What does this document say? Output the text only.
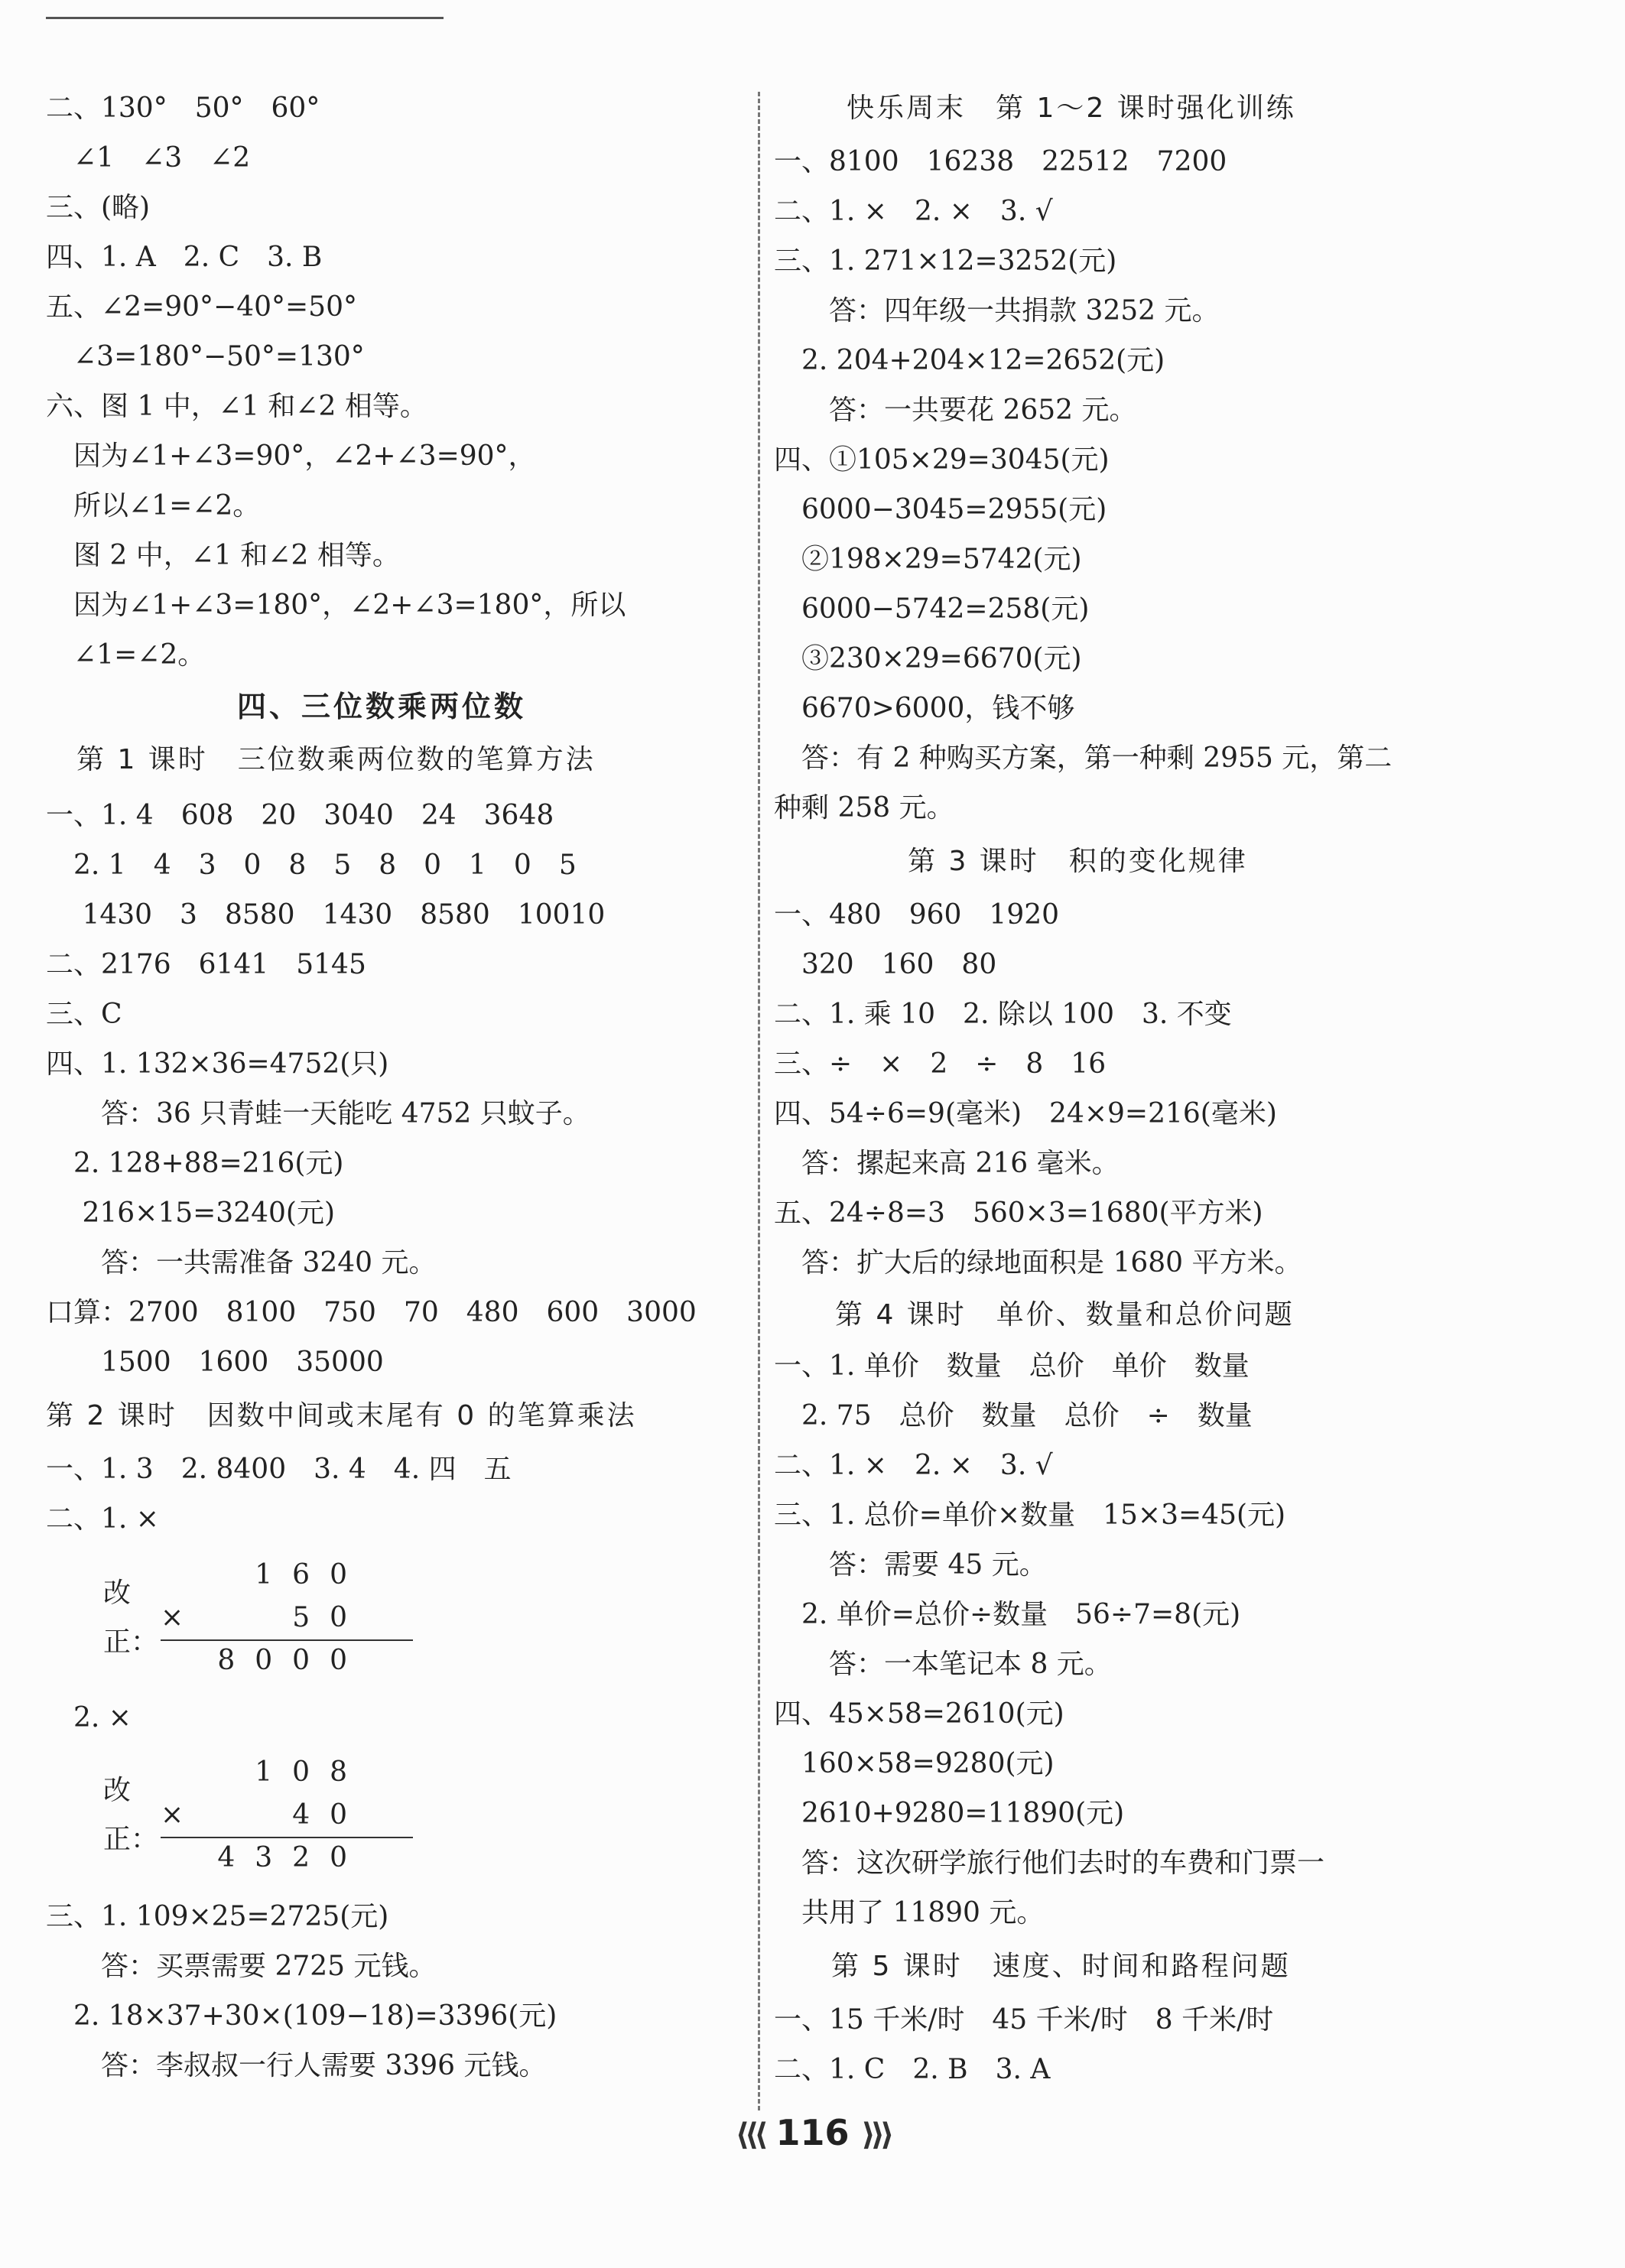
二、130°　50°　60°
　∠1　∠3　∠2
三、(略)
四、1. A　2. C　3. B
五、∠2=90°−40°=50°
　∠3=180°−50°=130°
六、图 1 中，∠1 和∠2 相等。
　因为∠1+∠3=90°，∠2+∠3=90°，
　所以∠1=∠2。
　图 2 中，∠1 和∠2 相等。
　因为∠1+∠3=180°，∠2+∠3=180°，所以
　∠1=∠2。
四、三位数乘两位数
第 1 课时　三位数乘两位数的笔算方法
一、1. 4　608　20　3040　24　3648
　2. 1　4　3　0　8　5　8　0　1　0　5
　 1430　3　8580　1430　8580　10010
二、2176　6141　5145
三、C
四、1. 132×36=4752(只)
　　答：36 只青蛙一天能吃 4752 只蚊子。
　2. 128+88=216(元)
　 216×15=3240(元)
　　答：一共需准备 3240 元。
口算：2700　8100　750　70　480　600　3000
　　1500　1600　35000
第 2 课时　因数中间或末尾有 0 的笔算乘法
一、1. 3　2. 8400　3. 4　4. 四　五
二、1. ×
改
正：
160
×	50
8000
　2. ×
改
正：
108
×	40
4320
三、1. 109×25=2725(元)
　　答：买票需要 2725 元钱。
　2. 18×37+30×(109−18)=3396(元)
　　答：李叔叔一行人需要 3396 元钱。
快乐周末　第 1～2 课时强化训练
一、8100　16238　22512　7200
二、1. ×　2. ×　3. √
三、1. 271×12=3252(元)
　　答：四年级一共捐款 3252 元。
　2. 204+204×12=2652(元)
　　答：一共要花 2652 元。
四、①105×29=3045(元)
　6000−3045=2955(元)
　②198×29=5742(元)
　6000−5742=258(元)
　③230×29=6670(元)
　6670>6000，钱不够
　答：有 2 种购买方案，第一种剩 2955 元，第二
种剩 258 元。
第 3 课时　积的变化规律
一、480　960　1920
　320　160　80
二、1. 乘 10　2. 除以 100　3. 不变
三、÷　×　2　÷　8　16
四、54÷6=9(毫米)　24×9=216(毫米)
　答：摞起来高 216 毫米。
五、24÷8=3　560×3=1680(平方米)
　答：扩大后的绿地面积是 1680 平方米。
第 4 课时　单价、数量和总价问题
一、1. 单价　数量　总价　单价　数量
　2. 75　总价　数量　总价　÷　数量
二、1. ×　2. ×　3. √
三、1. 总价=单价×数量　15×3=45(元)
　　答：需要 45 元。
　2. 单价=总价÷数量　56÷7=8(元)
　　答：一本笔记本 8 元。
四、45×58=2610(元)
　160×58=9280(元)
　2610+9280=11890(元)
　答：这次研学旅行他们去时的车费和门票一
　共用了 11890 元。
第 5 课时　速度、时间和路程问题
一、15 千米/时　45 千米/时　8 千米/时
二、1. C　2. B　3. A
⟨⟨⟨ 116 ⟩⟩⟩
